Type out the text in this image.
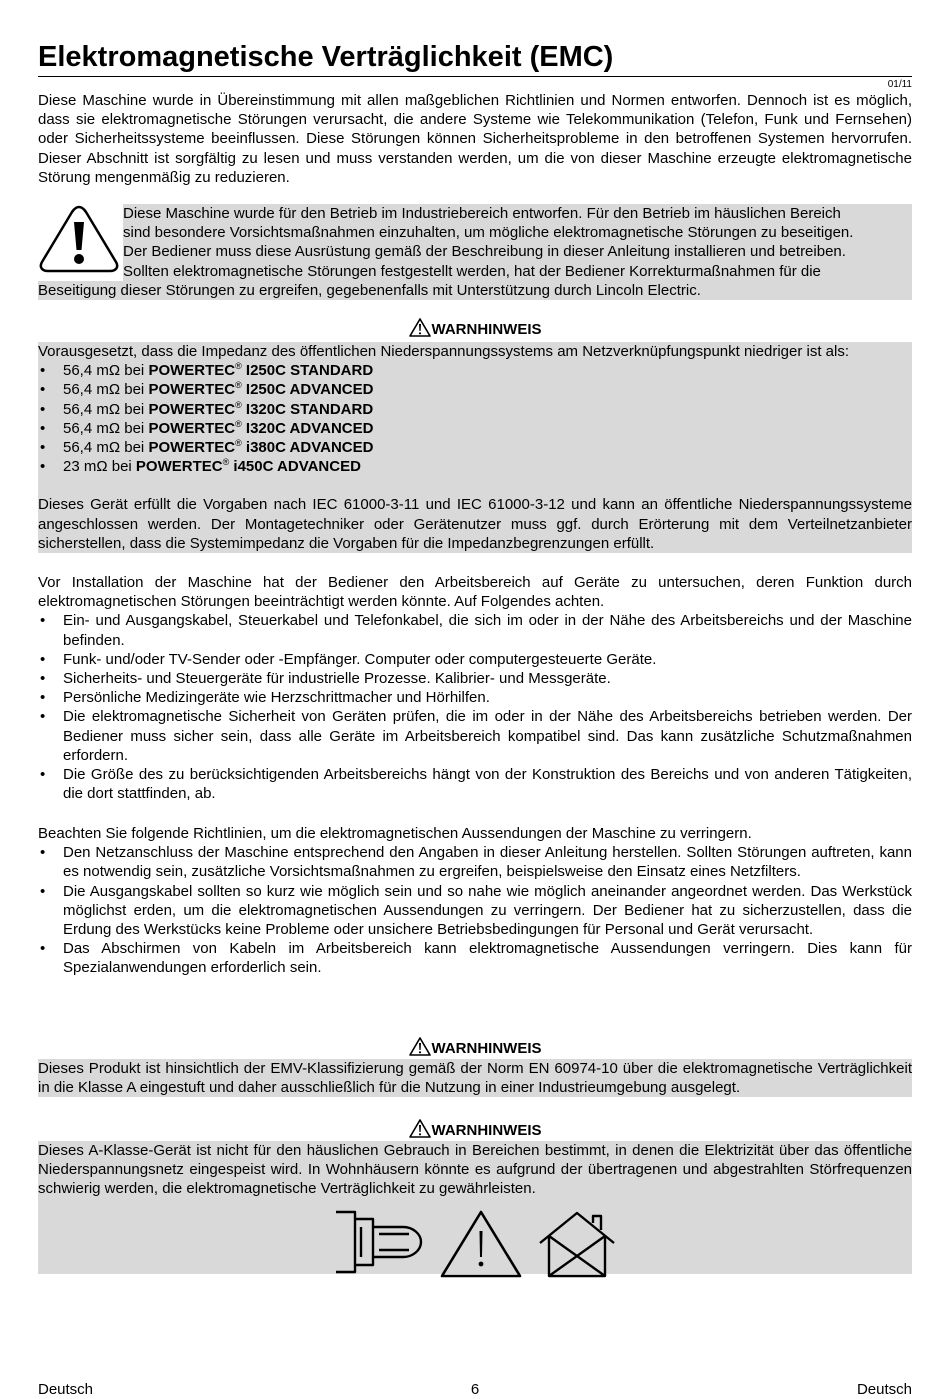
Elektromagnetische Verträglichkeit (EMC)
01/11

Diese Maschine wurde in Übereinstimmung mit allen maßgeblichen Richtlinien und Normen entworfen. Dennoch ist es möglich, dass sie elektromagnetische Störungen verursacht, die andere Systeme wie Telekommunikation (Telefon, Funk und Fernsehen) oder Sicherheitssysteme beeinflussen. Diese Störungen können Sicherheitsprobleme in den betroffenen Systemen hervorrufen. Dieser Abschnitt ist sorgfältig zu lesen und muss verstanden werden, um die von dieser Maschine erzeugte elektromagnetische Störung mengenmäßig zu reduzieren.

Diese Maschine wurde für den Betrieb im Industriebereich entworfen. Für den Betrieb im häuslichen Bereich
sind besondere Vorsichtsmaßnahmen einzuhalten, um mögliche elektromagnetische Störungen zu beseitigen.
Der Bediener muss diese Ausrüstung gemäß der Beschreibung in dieser Anleitung installieren und betreiben.
Sollten elektromagnetische Störungen festgestellt werden, hat der Bediener Korrekturmaßnahmen für die
Beseitigung dieser Störungen zu ergreifen, gegebenenfalls mit Unterstützung durch Lincoln Electric.
WARNHINWEIS

Vorausgesetzt, dass die Impedanz des öffentlichen Niederspannungssystems am Netzverknüpfungspunkt niedriger ist als:

• 56,4 mΩ bei POWERTEC® I250C STANDARD
• 56,4 mΩ bei POWERTEC® I250C ADVANCED
• 56,4 mΩ bei POWERTEC® I320C STANDARD
• 56,4 mΩ bei POWERTEC® I320C ADVANCED
• 56,4 mΩ bei POWERTEC® i380C ADVANCED
• 23 mΩ bei POWERTEC® i450C ADVANCED

Dieses Gerät erfüllt die Vorgaben nach IEC 61000-3-11 und IEC 61000-3-12 und kann an öffentliche Niederspannungssysteme angeschlossen werden. Der Montagetechniker oder Gerätenutzer muss ggf. durch Erörterung mit dem Verteilnetzanbieter sicherstellen, dass die Systemimpedanz die Vorgaben für die Impedanzbegrenzungen erfüllt.

Vor Installation der Maschine hat der Bediener den Arbeitsbereich auf Geräte zu untersuchen, deren Funktion durch elektromagnetischen Störungen beeinträchtigt werden könnte. Auf Folgendes achten.

• Ein- und Ausgangskabel, Steuerkabel und Telefonkabel, die sich im oder in der Nähe des Arbeitsbereichs und der Maschine befinden.
• Funk- und/oder TV-Sender oder -Empfänger. Computer oder computergesteuerte Geräte.
• Sicherheits- und Steuergeräte für industrielle Prozesse. Kalibrier- und Messgeräte.
• Persönliche Medizingeräte wie Herzschrittmacher und Hörhilfen.
• Die elektromagnetische Sicherheit von Geräten prüfen, die im oder in der Nähe des Arbeitsbereichs betrieben werden. Der Bediener muss sicher sein, dass alle Geräte im Arbeitsbereich kompatibel sind. Das kann zusätzliche Schutzmaßnahmen erfordern.
• Die Größe des zu berücksichtigenden Arbeitsbereichs hängt von der Konstruktion des Bereichs und von anderen Tätigkeiten, die dort stattfinden, ab.

Beachten Sie folgende Richtlinien, um die elektromagnetischen Aussendungen der Maschine zu verringern.

• Den Netzanschluss der Maschine entsprechend den Angaben in dieser Anleitung herstellen. Sollten Störungen auftreten, kann es notwendig sein, zusätzliche Vorsichtsmaßnahmen zu ergreifen, beispielsweise den Einsatz eines Netzfilters.
• Die Ausgangskabel sollten so kurz wie möglich sein und so nahe wie möglich aneinander angeordnet werden. Das Werkstück möglichst erden, um die elektromagnetischen Aussendungen zu verringern. Der Bediener hat zu sicherzustellen, dass die Erdung des Werkstücks keine Probleme oder unsichere Betriebsbedingungen für Personal und Gerät verursacht.
• Das Abschirmen von Kabeln im Arbeitsbereich kann elektromagnetische Aussendungen verringern. Dies kann für Spezialanwendungen erforderlich sein.
WARNHINWEIS

Dieses Produkt ist hinsichtlich der EMV-Klassifizierung gemäß der Norm EN 60974-10 über die elektromagnetische Verträglichkeit in die Klasse A eingestuft und daher ausschließlich für die Nutzung in einer Industrieumgebung ausgelegt.

WARNHINWEIS

Dieses A-Klasse-Gerät ist nicht für den häuslichen Gebrauch in Bereichen bestimmt, in denen die Elektrizität über das öffentliche Niederspannungsnetz eingespeist wird. In Wohnhäusern könnte es aufgrund der übertragenen und abgestrahlten Störfrequenzen schwierig werden, die elektromagnetische Verträglichkeit zu gewährleisten.

Deutsch	6	Deutsch
